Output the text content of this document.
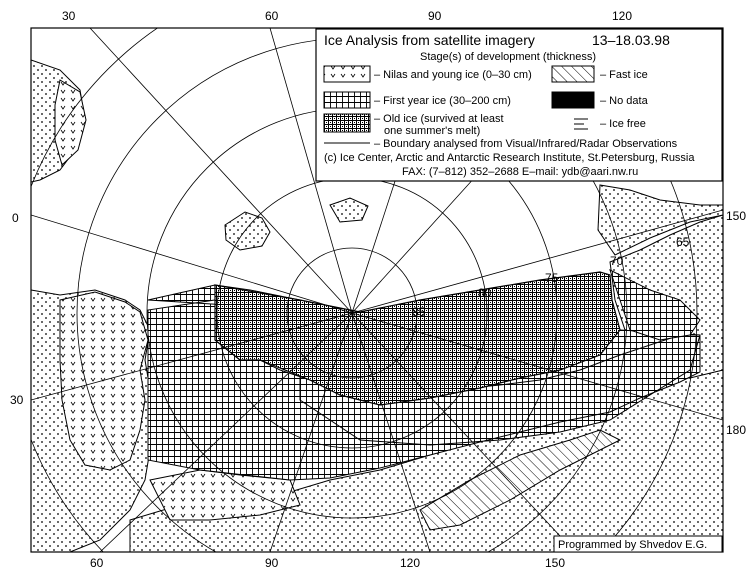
30	60	90	120
60	90	120	150
0
30
150
180
85
80
75
70
65
Ice Analysis from satellite imagery	13–18.03.98
Stage(s) of development (thickness)
– Nilas and young ice (0–30 cm)	– Fast ice
– First year ice (30–200 cm)	– No data
– Old ice (survived at least
one summer's melt)
– Ice free
– Boundary analysed from Visual/Infrared/Radar Observations
(c) Ice Center, Arctic and Antarctic Research Institute, St.Petersburg, Russia
FAX: (7–812) 352–2688 E–mail: ydb@aari.nw.ru
Programmed by Shvedov E.G.
